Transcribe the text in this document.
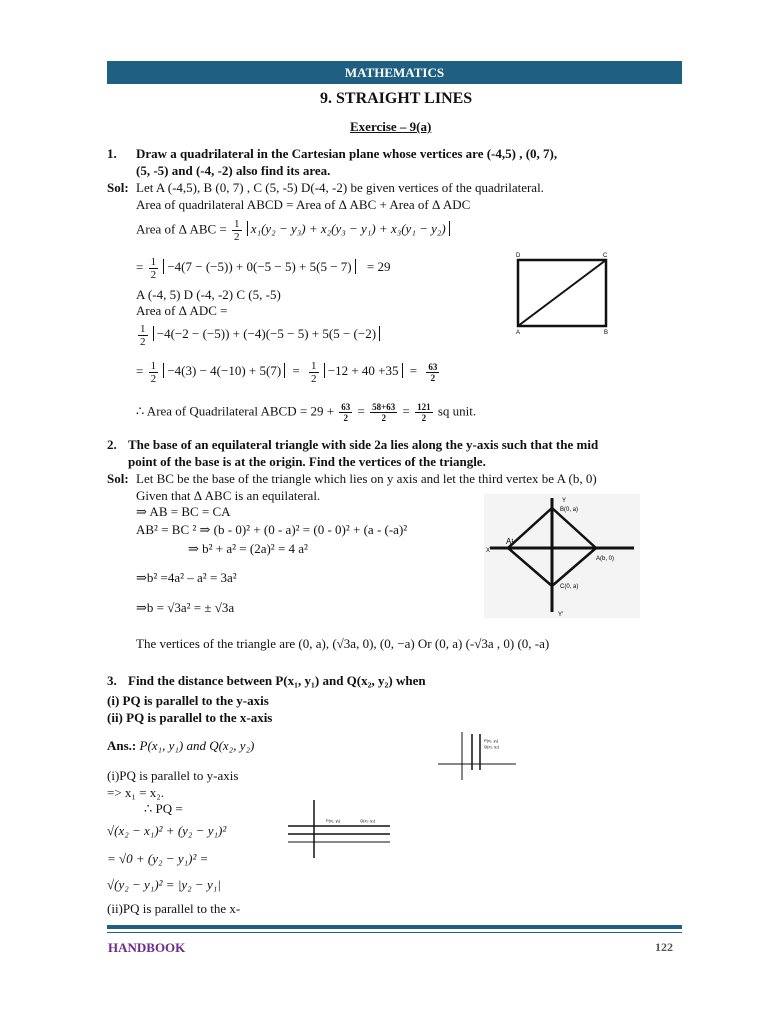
MATHEMATICS
9. STRAIGHT LINES
Exercise – 9(a)
1. Draw a quadrilateral in the Cartesian plane whose vertices are (-4,5) , (0, 7),
(5, -5) and (-4, -2) also find its area.
Sol: Let A (-4,5), B (0, 7) , C (5, -5) D(-4, -2) be given vertices of the quadrilateral.
Area of quadrilateral ABCD = Area of Δ ABC + Area of Δ ADC
Area of Δ ABC = $\frac{1}{2} x_1(y_2 - y_3) + x_2(y_3 - y_1) + x_3(y_1 - y_2)$
= $\frac{1}{2} -4(7 - (-5)) + 0(-5 - 5) + 5(5 - 7) = 29$
A (-4, 5) D (-4, -2) C (5, -5)
Area of Δ ADC =
$\frac{1}{2} -4(-2 - (-5)) + (-4)(-5 - 5) + 5(5 - (-2)$
= $\frac{1}{2} -4(3) - 4(-10) + 5(7) = \frac{1}{2} -12 + 40 +35 = \frac{63}{2}$
∴ Area of Quadrilateral ABCD = $29 + \frac{63}{2} = \frac{58+63}{2} = \frac{121}{2}$ sq unit.
D	C
A	B
2. The base of an equilateral triangle with side 2a lies along the y-axis such that the mid
point of the base is at the origin. Find the vertices of the triangle.
Sol: Let BC be the base of the triangle which lies on y axis and let the third vertex be A (b, 0)
Given that Δ ABC is an equilateral.
⇒ AB = BC = CA
AB² = BC ² ⇒ (b - 0)² + (0 - a)² = (0 - 0)² + (a - (-a)²
⇒ b² + a² = (2a)² = 4 a²
⇒b² =4a² – a² = 3a²
⇒b = √3a² = ± √3a
The vertices of the triangle are (0, a), (√3a, 0), (0, −a) Or (0, a) (-√3a , 0) (0, -a)
B(0, a)
A(b, 0)
C(0, a)
A¹
Y
X
Y'
3. Find the distance between P(x₁, y₁) and Q(x₂, y₂) when
(i) PQ is parallel to the y-axis
(ii) PQ is parallel to the x-axis
Ans.: P(x₁, y₁) and Q(x₂, y₂)
(i)PQ is parallel to y-axis
=> x₁ = x₂.
∴ PQ =
√(x₂ − x₁)² + (y₂ − y₁)²
= √0 + (y₂ − y₁)² =
√(y₂ − y₁)² = |y₂ − y₁|
(ii)PQ is parallel to the x-
P(x₁, y₁)
Q(x₂, y₂)
P(x₁, y₁)	Q(x₂, y₂)
HANDBOOK	122
